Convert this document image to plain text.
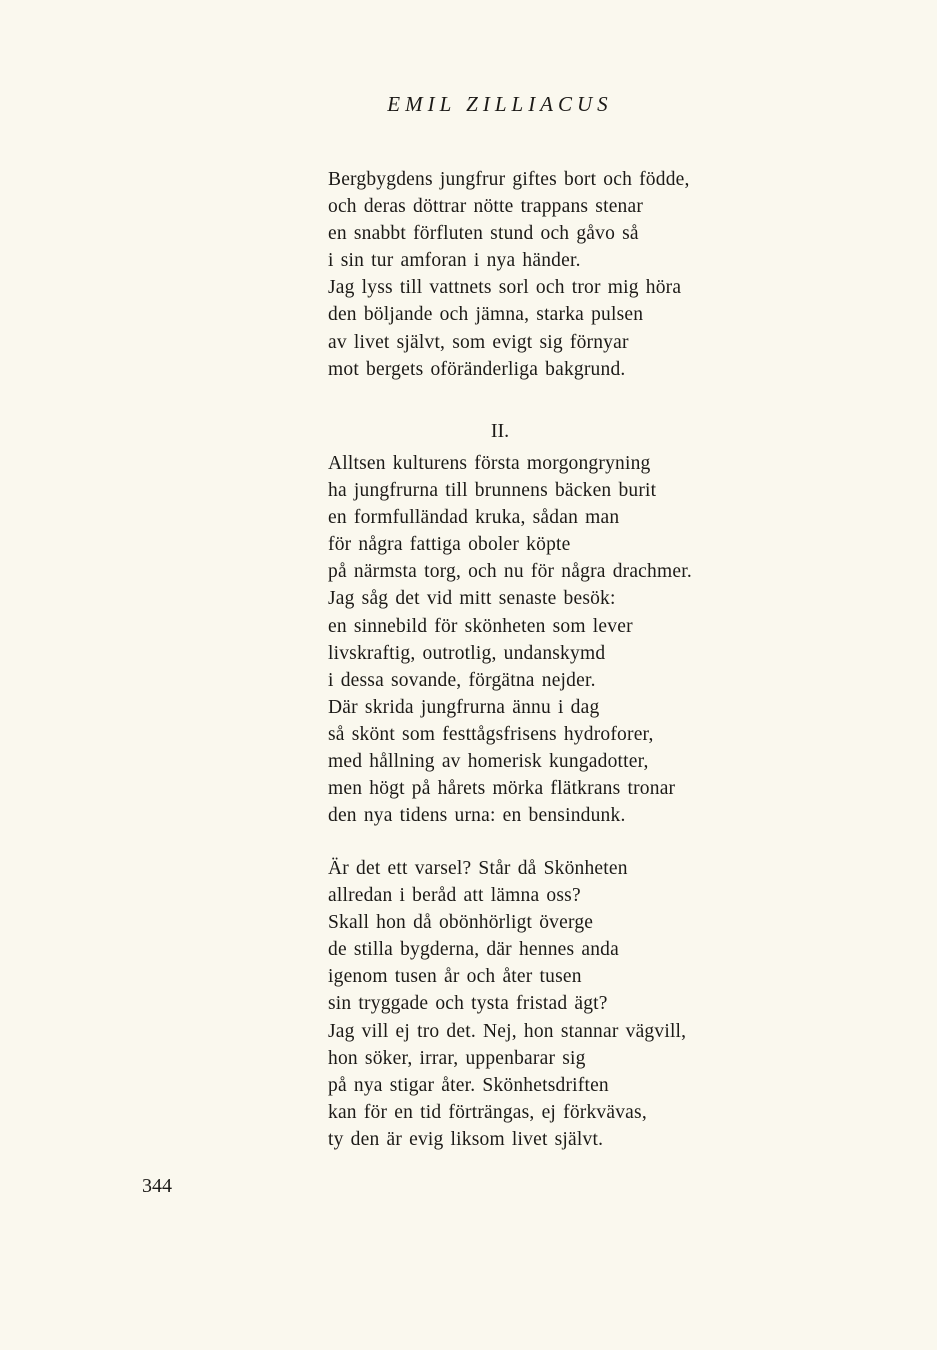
EMIL ZILLIACUS
Bergbygdens jungfrur giftes bort och födde,
och deras döttrar nötte trappans stenar
en snabbt förfluten stund och gåvo så
i sin tur amforan i nya händer.
Jag lyss till vattnets sorl och tror mig höra
den böljande och jämna, starka pulsen
av livet självt, som evigt sig förnyar
mot bergets oföränderliga bakgrund.
II.
Alltsen kulturens första morgongryning
ha jungfrurna till brunnens bäcken burit
en formfulländad kruka, sådan man
för några fattiga oboler köpte
på närmsta torg, och nu för några drachmer.
Jag såg det vid mitt senaste besök:
en sinnebild för skönheten som lever
livskraftig, outrotlig, undanskymd
i dessa sovande, förgätna nejder.
Där skrida jungfrurna ännu i dag
så skönt som festtågsfrisens hydroforer,
med hållning av homerisk kungadotter,
men högt på hårets mörka flätkrans tronar
den nya tidens urna: en bensindunk.
Är det ett varsel? Står då Skönheten
allredan i beråd att lämna oss?
Skall hon då obönhörligt överge
de stilla bygderna, där hennes anda
igenom tusen år och åter tusen
sin tryggade och tysta fristad ägt?
Jag vill ej tro det. Nej, hon stannar vägvill,
hon söker, irrar, uppenbarar sig
på nya stigar åter. Skönhetsdriften
kan för en tid förträngas, ej förkvävas,
ty den är evig liksom livet självt.
344
